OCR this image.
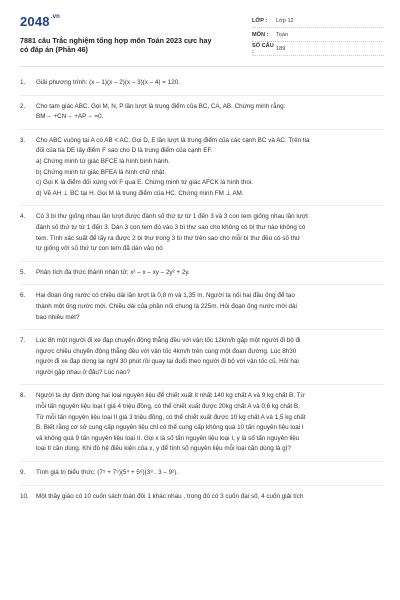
$2048^{.vn}$
7881 câu Trắc nghiệm tổng hợp môn Toán 2023 cực hay
có đáp án (Phần 46)
LỚP :	Lớp 12
MÔN :	Toán
SỐ CÂU :	189
1. Giải phương trình: (x – 1)(x – 2)(x – 3)(x – 4) = 120.
2. Cho tam giác ABC. Gọi M, N, P lần lượt là trung điểm của BC, CA, AB. Chứng minh rằng:
BM→ +CN→ +AP→ =0.
3. Cho ABC vuông tại A có AB < AC. Gọi D, E lần lượt là trung điểm của các cạnh BC và AC. Trên tia
đối của tia DE lấy điểm F sao cho D là trung điểm của cạnh EF.
a) Chứng minh tứ giác BFCE là hình bình hành.
b) Chứng minh tứ giác BFEA là hình chữ nhật.
c) Gọi K là điểm đối xứng với F qua E. Chứng minh tứ giác AFCK là hình thoi.
d) Vẽ AH ⊥ BC tại H. Gọi M là trung điểm của HC. Chứng minh FM ⊥ AM.
4. Có 3 bi thư giống nhau lần lượt được đánh số thứ tự từ 1 đến 3 và 3 con tem giống nhau lần lượt
đánh số thứ tự từ 1 đến 3. Dán 3 con tem đó vào 3 bì thư sao cho không có bì thư nào không có
tem. Tính xác suất để lấy ra được 2 bì thư trong 3 bì thư trên sao cho mỗi bì thư đều có số thứ
tự giống với số thứ tự con tem đã dán vào nó
5. Phân tích đa thức thành nhân tử: x² – x – xy – 2y² + 2y.
6. Hai đoạn ống nước có chiều dài lần lượt là 0,8 m và 1,35 m. Người ta nối hai đầu ống để tạo
thành một ống nước mới. Chiều dài của phần nối chung là 225m. Hỏi đoạn ống nước mới dài
bao nhiêu mét?
7. Lúc 8h một người đi xe đạp chuyển động thẳng đều với vận tốc 12km/h gặp một người đi bộ đi
ngược chiều chuyển động thẳng đều với vận tốc 4km/h trên cùng một đoạn đường. Lúc 8h30
người đi xe đạp dừng lại nghỉ 30 phút rồi quay lại đuổi theo người đi bộ với vận tốc cũ. Hỏi hai
người gặp nhau ở đâu? Lúc nào?
8. Người ta dự định dùng hai loại nguyên liệu để chiết xuất ít nhất 140 kg chất A và 9 kg chất B. Từ
mỗi tấn nguyên liệu loại I giá 4 triệu đồng, có thể chiết xuất được 20kg chất A và 0,6 kg chất B.
Từ mỗi tấn nguyên liệu loại II giá 3 triệu đồng, có thể chiết xuất được 10 kg chất A và 1,5 kg chất
B. Biết rằng cơ sở cung cấp nguyên liệu chỉ có thể cung cấp không quá 10 tấn nguyên liệu loại I
và không quá 9 tấn nguyên liệu loại II. Gọi x là số tấn nguyên liệu loại I, y là số tấn nguyên liệu
loại II cần dùng. Khi đó hệ điều kiện của x, y để tính số nguyên liệu mỗi loại cần dùng là gì?
9. Tính giá trị biểu thức: (7⁵ + 7⁹)(5⁴ + 5⁶)(3⁸ . 3 – 9²).
10. Một thầy giáo có 10 cuốn sách toán đôi 1 khác nhau , trong đó có 3 cuốn đại số, 4 cuốn giải tích
